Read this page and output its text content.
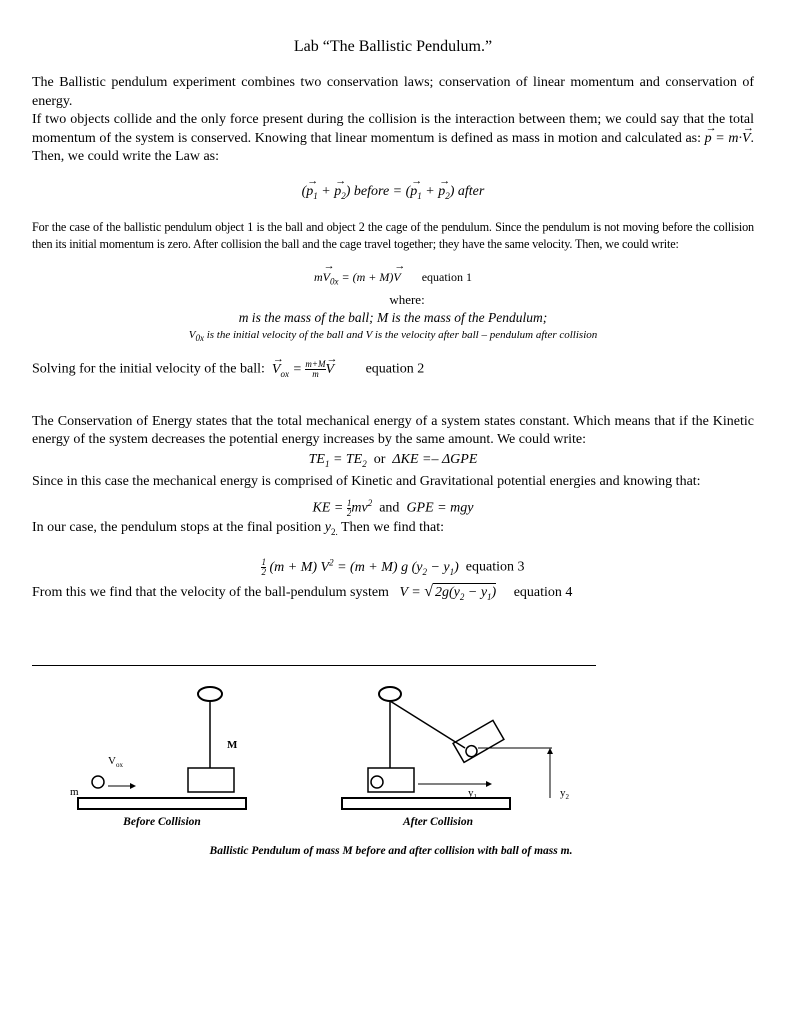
Lab “The Ballistic Pendulum.”

The Ballistic pendulum experiment combines two conservation laws; conservation of linear momentum and conservation of energy.

If two objects collide and the only force present during the collision is the interaction between them; we could say that the total momentum of the system is conserved. Knowing that linear momentum is defined as mass in motion and calculated as: → p = m·→ V. Then, we could write the Law as:

(→ $p_1$ + → $p_2$) before = (→ $p_1$ + → $p_2$) after

For the case of the ballistic pendulum object 1 is the ball and object 2 the cage of the pendulum. Since the pendulum is not moving before the collision then its initial momentum is zero. After collision the ball and the cage travel together; they have the same velocity. Then, we could write:

$m\to V_{0x} = (m + M)\to V$ equation 1

where:

m is the mass of the ball; M is the mass of the Pendulum;

$V_{0x}$ is the initial velocity of the ball and V is the velocity after ball – pendulum after collision

Solving for the initial velocity of the ball:  → $V_{ox} = \frac{m+M}{m}$
→ V equation 2

The Conservation of Energy states that the total mechanical energy of a system states constant. Which means that if the Kinetic energy of the system decreases the potential energy increases by the same amount. We could write:

$TE_1 = TE_2$ or  ΔKE =– ΔGPE

Since in this case the mechanical energy is comprised of Kinetic and Gravitational potential energies and knowing that:

KE = $\frac{1}{2} mv^2$ and  GPE = mgy

In our case, the pendulum stops at the final position $y_{2.}$ Then we find that:

$\frac{1}{2} (m + M) V^2 = (m + M)$ g $(y_2 - y_1)$ equation 3

From this we find that the velocity of the ball-pendulum system V = √ $2g(y_2 - y_1)$ equation 4

M
$V_{ox}$
m
Before Collision
$y_1$	$y_2$
After Collision
Ballistic Pendulum of mass M before and after collision with ball of mass m.
